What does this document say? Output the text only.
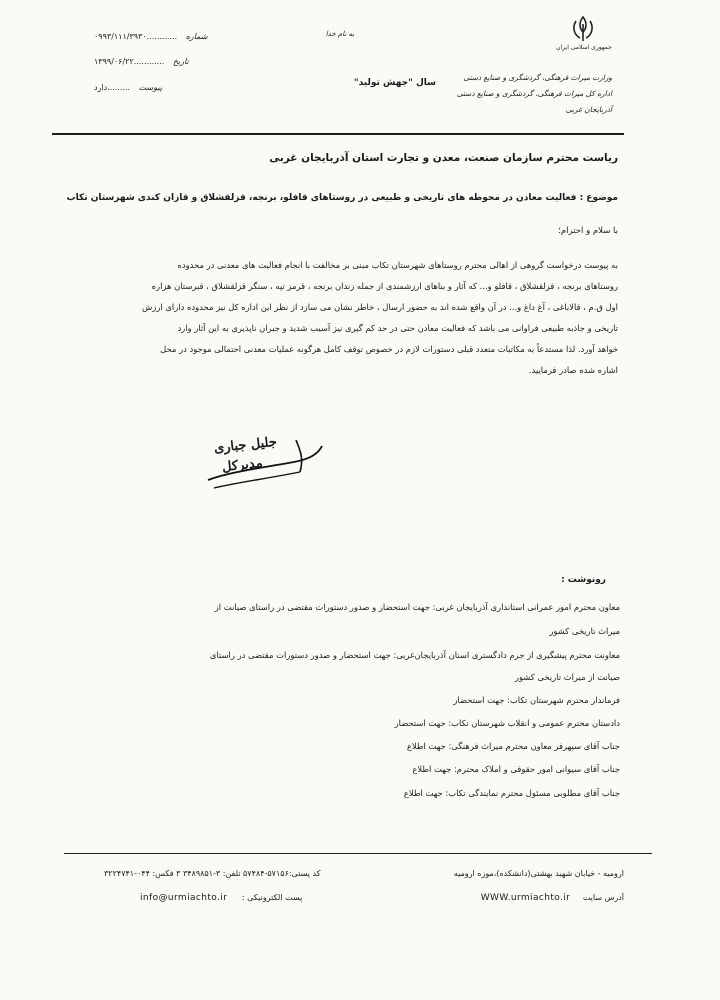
جمهوری اسلامی ایران
وزارت میراث فرهنگی، گردشگری و صنایع دستی
اداره کل میراث فرهنگی، گردشگری و صنایع دستی
آذربایجان غربی
به نام خدا
سال "جهش تولید"
۰۹۹۳/۱۱۱/۳۹۳۰............ شماره
۱۳۹۹/۰۶/۲۲............ تاریخ
.........دارد پیوست
ریاست محترم سازمان صنعت، معدن و تجارت استان آذربایجان غربی
موضوع : فعالیت معادن در محوطه های تاریخی و طبیعی در روستاهای قافلو، برنجه، قزلقشلاق و قازان کندی شهرستان تکاب
با سلام و احترام؛
به پیوست درخواست گروهی از اهالی محترم روستاهای شهرستان تکاب مبنی بر مخالفت با انجام فعالیت های معدنی در محدوده
روستاهای برنجه ، قزلقشلاق ، قافلو و... که آثار و بناهای ارزشمندی از جمله زندان برنجه ، قرمز تپه ، سنگر قزلقشلاق ، قبرستان هزاره
اول ق.م ، قالاباغی ، آغ داغ و... در آن واقع شده اند به حضور ارسال ، خاطر نشان می سازد از نظر این اداره کل نیز محدوده دارای ارزش
تاریخی و جاذبه طبیعی فراوانی می باشد که فعالیت معادن حتی در حد کم گیری نیز آسیب شدید و جبران ناپذیری به این آثار وارد
خواهد آورد. لذا مستدعاً به مکاتبات متعدد قبلی دستورات لازم در خصوص توقف کامل هرگونه عملیات معدنی احتمالی موجود در محل
اشاره شده صادر فرمایید.
جلیل جباری
مدیرکل
رونوشت :
معاون محترم امور عمرانی استانداری آذربایجان غربی: جهت استحضار و صدور دستورات مقتضی در راستای صیانت از
میراث تاریخی کشور
معاونت محترم پیشگیری از جرم دادگستری استان آذربایجان‌غربی: جهت استحضار و صدور دستورات مقتضی در راستای
صیانت از میراث تاریخی کشور
فرماندار محترم شهرستان تکاب: جهت استحضار
دادستان محترم عمومی و انقلاب شهرستان تکاب: جهت استحضار
جناب آقای سپهرفر معاون محترم میراث فرهنگی: جهت اطلاع
جناب آقای سیوانی امور حقوقی و املاک محترم: جهت اطلاع
جناب آقای مطلوبی مسئول محترم نمایندگی تکاب: جهت اطلاع
ارومیه - خیابان شهید بهشتی(دانشکده)،موزه ارومیه
کد پستی:۵۷۱۵۶-۵۷۴۸۴ تلفن: ۳-۳۴۸۹۸۵۱ ۳ فکس: ۰۴۴-۳۲۲۴۷۴۱
WWW.urmiachto.ir آدرس سایت
info@urmiachto.ir پست الکترونیکی :
